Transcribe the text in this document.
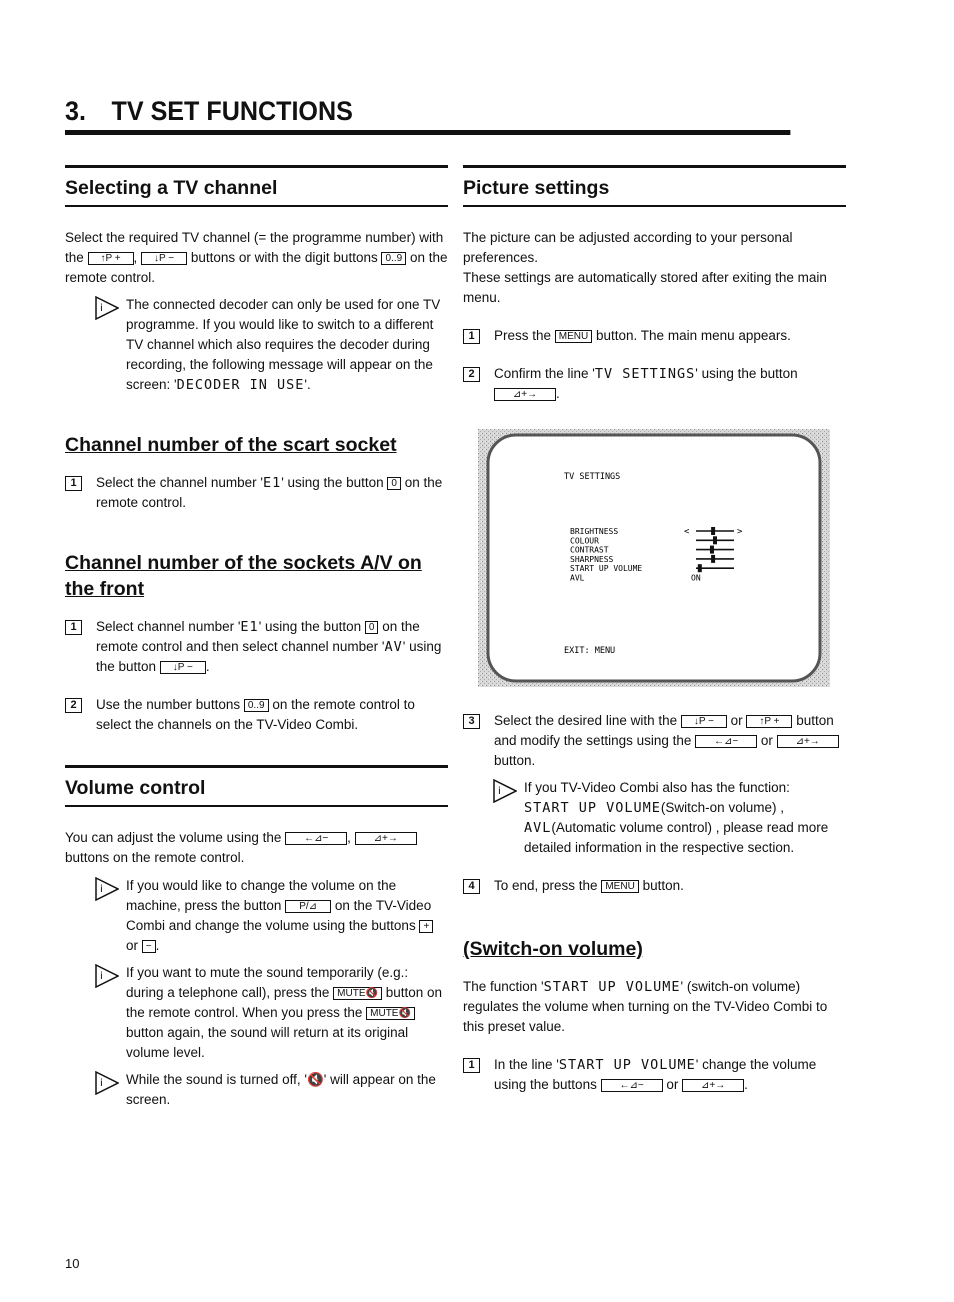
3. TV SET FUNCTIONS
Selecting a TV channel

Select the required TV channel (= the programme number) with the ↑P + , ↓P − buttons or with the digit buttons 0..9 on the remote control.

i The connected decoder can only be used for one TV programme. If you would like to switch to a different TV channel which also requires the decoder during recording, the following message will appear on the screen: 'DECODER IN USE'.
Channel number of the scart socket
1	Select the channel number 'E1' using the button 0 on the remote control.
Channel number of the sockets A/V on the front
1	Select channel number 'E1' using the button 0 on the remote control and then select channel number 'AV' using the button ↓P − .
2	Use the number buttons 0..9 on the remote control to select the channels on the TV-Video Combi.
Volume control

You can adjust the volume using the ←⊿− , ⊿+→ buttons on the remote control.

i If you would like to change the volume on the machine, press the button P/⊿ on the TV-Video Combi and change the volume using the buttons + or − .
i If you want to mute the sound temporarily (e.g.: during a telephone call), press the MUTE🔇 button on the remote control. When you press the MUTE🔇 button again, the sound will return at its original volume level.
i While the sound is turned off, '🔇' will appear on the screen.
Picture settings

The picture can be adjusted according to your personal preferences.
These settings are automatically stored after exiting the main menu.

1	Press the MENU button. The main menu appears.
2	Confirm the line 'TV SETTINGS' using the button ⊿+→ .
TV SETTINGS
BRIGHTNESS	<	>
COLOUR
CONTRAST
SHARPNESS
START UP VOLUME
AVL	ON
EXIT: MENU
3	Select the desired line with the ↓P − or ↑P + button and modify the settings using the ←⊿− or ⊿+→ button.
i If you TV-Video Combi also has the function:
START UP VOLUME(Switch-on volume) ,
AVL(Automatic volume control) , please read more detailed information in the respective section.
4	To end, press the MENU button.
(Switch-on volume)

The function 'START UP VOLUME' (switch-on volume) regulates the volume when turning on the TV-Video Combi to this preset value.

1	In the line 'START UP VOLUME' change the volume using the buttons ←⊿− or ⊿+→ .
10
